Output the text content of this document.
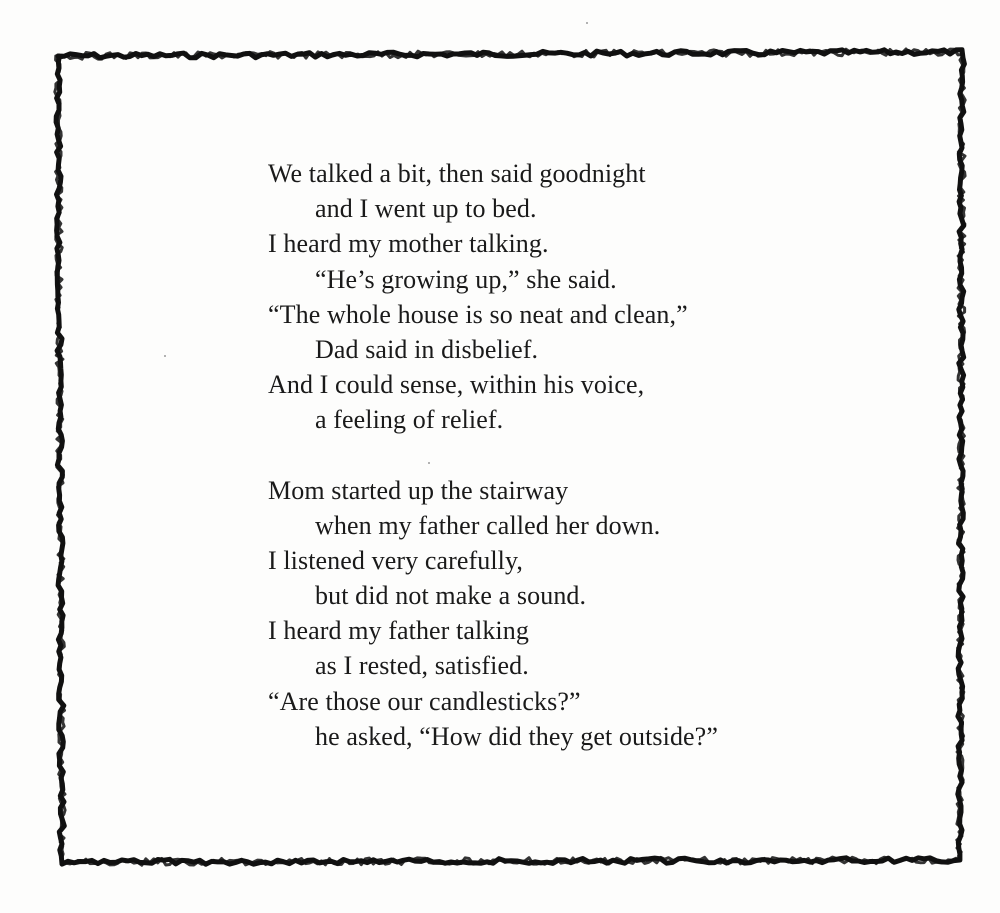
We talked a bit, then said goodnight
and I went up to bed.
I heard my mother talking.
“He’s growing up,” she said.
“The whole house is so neat and clean,”
Dad said in disbelief.
And I could sense, within his voice,
a feeling of relief.
Mom started up the stairway
when my father called her down.
I listened very carefully,
but did not make a sound.
I heard my father talking
as I rested, satisfied.
“Are those our candlesticks?”
he asked, “How did they get outside?”
